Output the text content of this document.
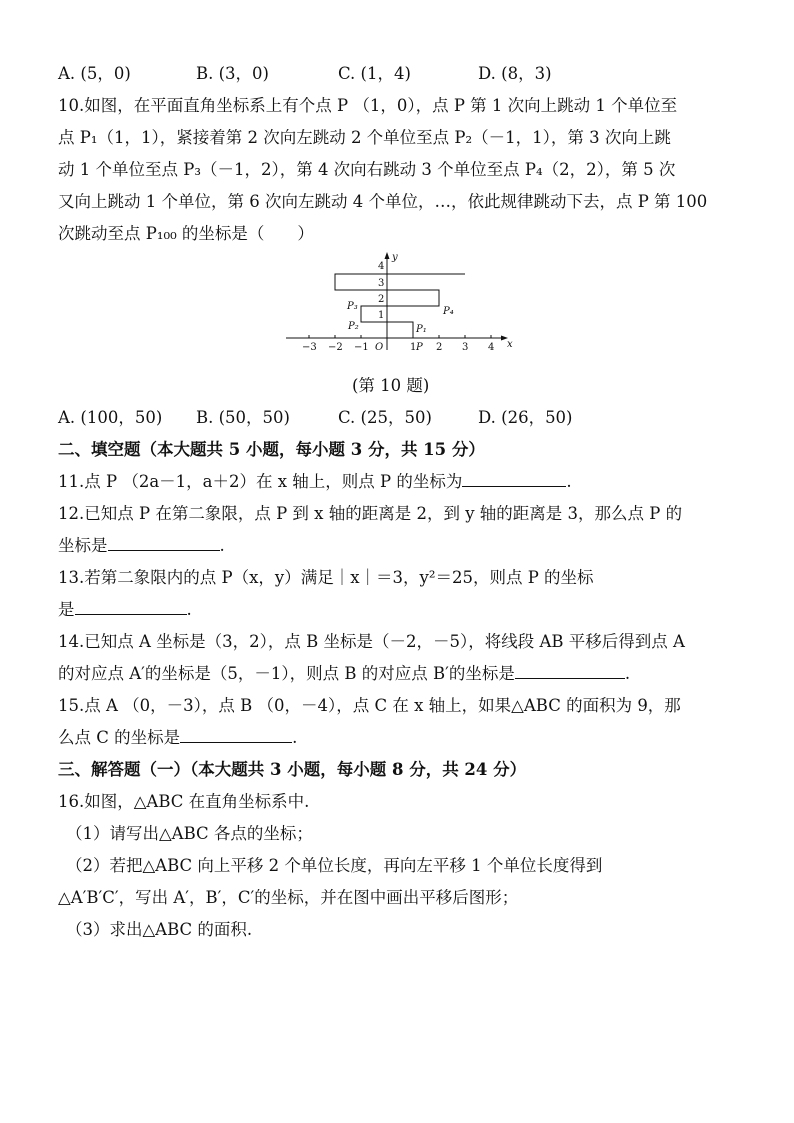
A. (5，0)	B. (3，0)	C. (1，4)	D. (8，3)
10.如图，在平面直角坐标系上有个点 P （1，0），点 P 第 1 次向上跳动 1 个单位至
点 P₁（1，1），紧接着第 2 次向左跳动 2 个单位至点 P₂（－1，1），第 3 次向上跳
动 1 个单位至点 P₃（－1，2），第 4 次向右跳动 3 个单位至点 P₄（2，2），第 5 次
又向上跳动 1 个单位，第 6 次向左跳动 4 个单位，…，依此规律跳动下去，点 P 第 100
次跳动至点 P₁₀₀ 的坐标是（　　）
−3 −2 −1 O	1 2 3 4
1
2
3
4
x
y
P
P₁
P₂
P₃	P₄
(第 10 题)
A. (100，50) B. (50，50)	C. (25，50)	D. (26，50)
二、填空题（本大题共 5 小题，每小题 3 分，共 15 分）
11.点 P （2a－1，a＋2）在 x 轴上，则点 P 的坐标为	.
12.已知点 P 在第二象限，点 P 到 x 轴的距离是 2，到 y 轴的距离是 3，那么点 P 的
坐标是	.
13.若第二象限内的点 P（x，y）满足｜x｜＝3，y²＝25，则点 P 的坐标
是	.
14.已知点 A 坐标是（3，2），点 B 坐标是（－2，－5），将线段 AB 平移后得到点 A
的对应点 A′的坐标是（5，－1），则点 B 的对应点 B′的坐标是	.
15.点 A （0，－3），点 B （0，－4），点 C 在 x 轴上，如果△ABC 的面积为 9，那
么点 C 的坐标是	.
三、解答题（一）（本大题共 3 小题，每小题 8 分，共 24 分）
16.如图，△ABC 在直角坐标系中.
（1）请写出△ABC 各点的坐标；
（2）若把△ABC 向上平移 2 个单位长度，再向左平移 1 个单位长度得到
△A′B′C′，写出 A′，B′，C′的坐标，并在图中画出平移后图形；
（3）求出△ABC 的面积.
